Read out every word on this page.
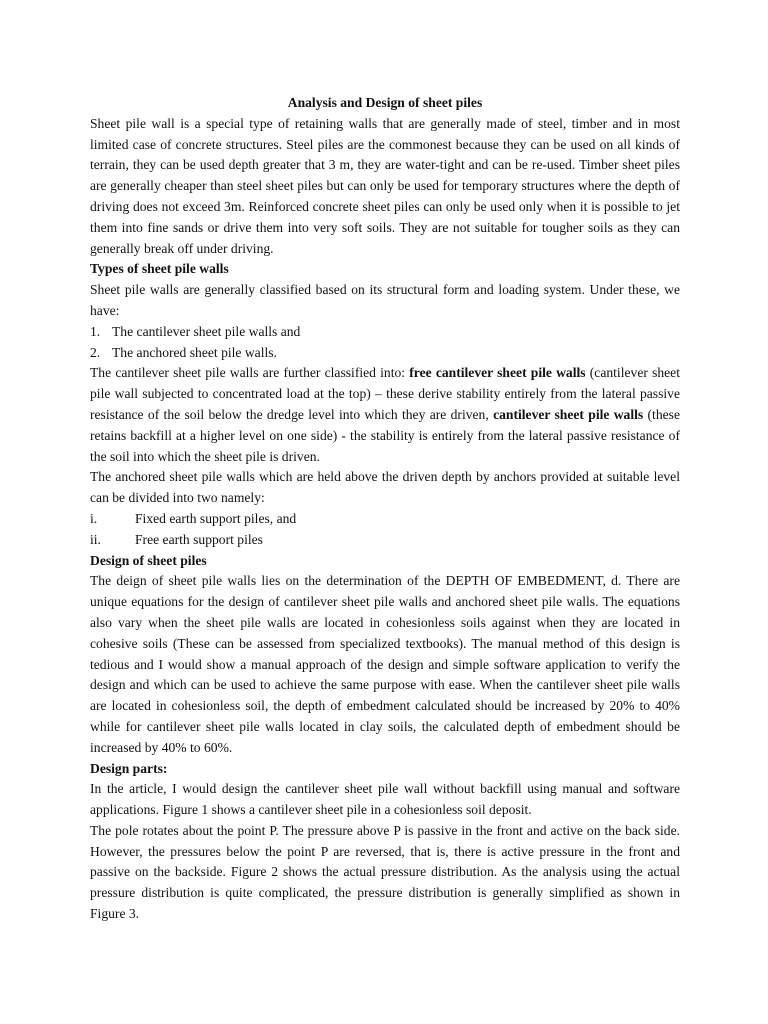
Analysis and Design of sheet piles

Sheet pile wall is a special type of retaining walls that are generally made of steel, timber and in most limited case of concrete structures. Steel piles are the commonest because they can be used on all kinds of terrain, they can be used depth greater that 3 m, they are water-tight and can be re-used. Timber sheet piles are generally cheaper than steel sheet piles but can only be used for temporary structures where the depth of driving does not exceed 3m. Reinforced concrete sheet piles can only be used only when it is possible to jet them into fine sands or drive them into very soft soils. They are not suitable for tougher soils as they can generally break off under driving.

Types of sheet pile walls

Sheet pile walls are generally classified based on its structural form and loading system. Under these, we have:

1. The cantilever sheet pile walls and
2. The anchored sheet pile walls.

The cantilever sheet pile walls are further classified into: free cantilever sheet pile walls (cantilever sheet pile wall subjected to concentrated load at the top) – these derive stability entirely from the lateral passive resistance of the soil below the dredge level into which they are driven, cantilever sheet pile walls (these retains backfill at a higher level on one side) - the stability is entirely from the lateral passive resistance of the soil into which the sheet pile is driven.

The anchored sheet pile walls which are held above the driven depth by anchors provided at suitable level can be divided into two namely:

i.	Fixed earth support piles, and
ii.	Free earth support piles

Design of sheet piles

The deign of sheet pile walls lies on the determination of the DEPTH OF EMBEDMENT, d. There are unique equations for the design of cantilever sheet pile walls and anchored sheet pile walls. The equations also vary when the sheet pile walls are located in cohesionless soils against when they are located in cohesive soils (These can be assessed from specialized textbooks). The manual method of this design is tedious and I would show a manual approach of the design and simple software application to verify the design and which can be used to achieve the same purpose with ease. When the cantilever sheet pile walls are located in cohesionless soil, the depth of embedment calculated should be increased by 20% to 40% while for cantilever sheet pile walls located in clay soils, the calculated depth of embedment should be increased by 40% to 60%.

Design parts:

In the article, I would design the cantilever sheet pile wall without backfill using manual and software applications. Figure 1 shows a cantilever sheet pile in a cohesionless soil deposit.

The pole rotates about the point P. The pressure above P is passive in the front and active on the back side. However, the pressures below the point P are reversed, that is, there is active pressure in the front and passive on the backside. Figure 2 shows the actual pressure distribution. As the analysis using the actual pressure distribution is quite complicated, the pressure distribution is generally simplified as shown in Figure 3.
